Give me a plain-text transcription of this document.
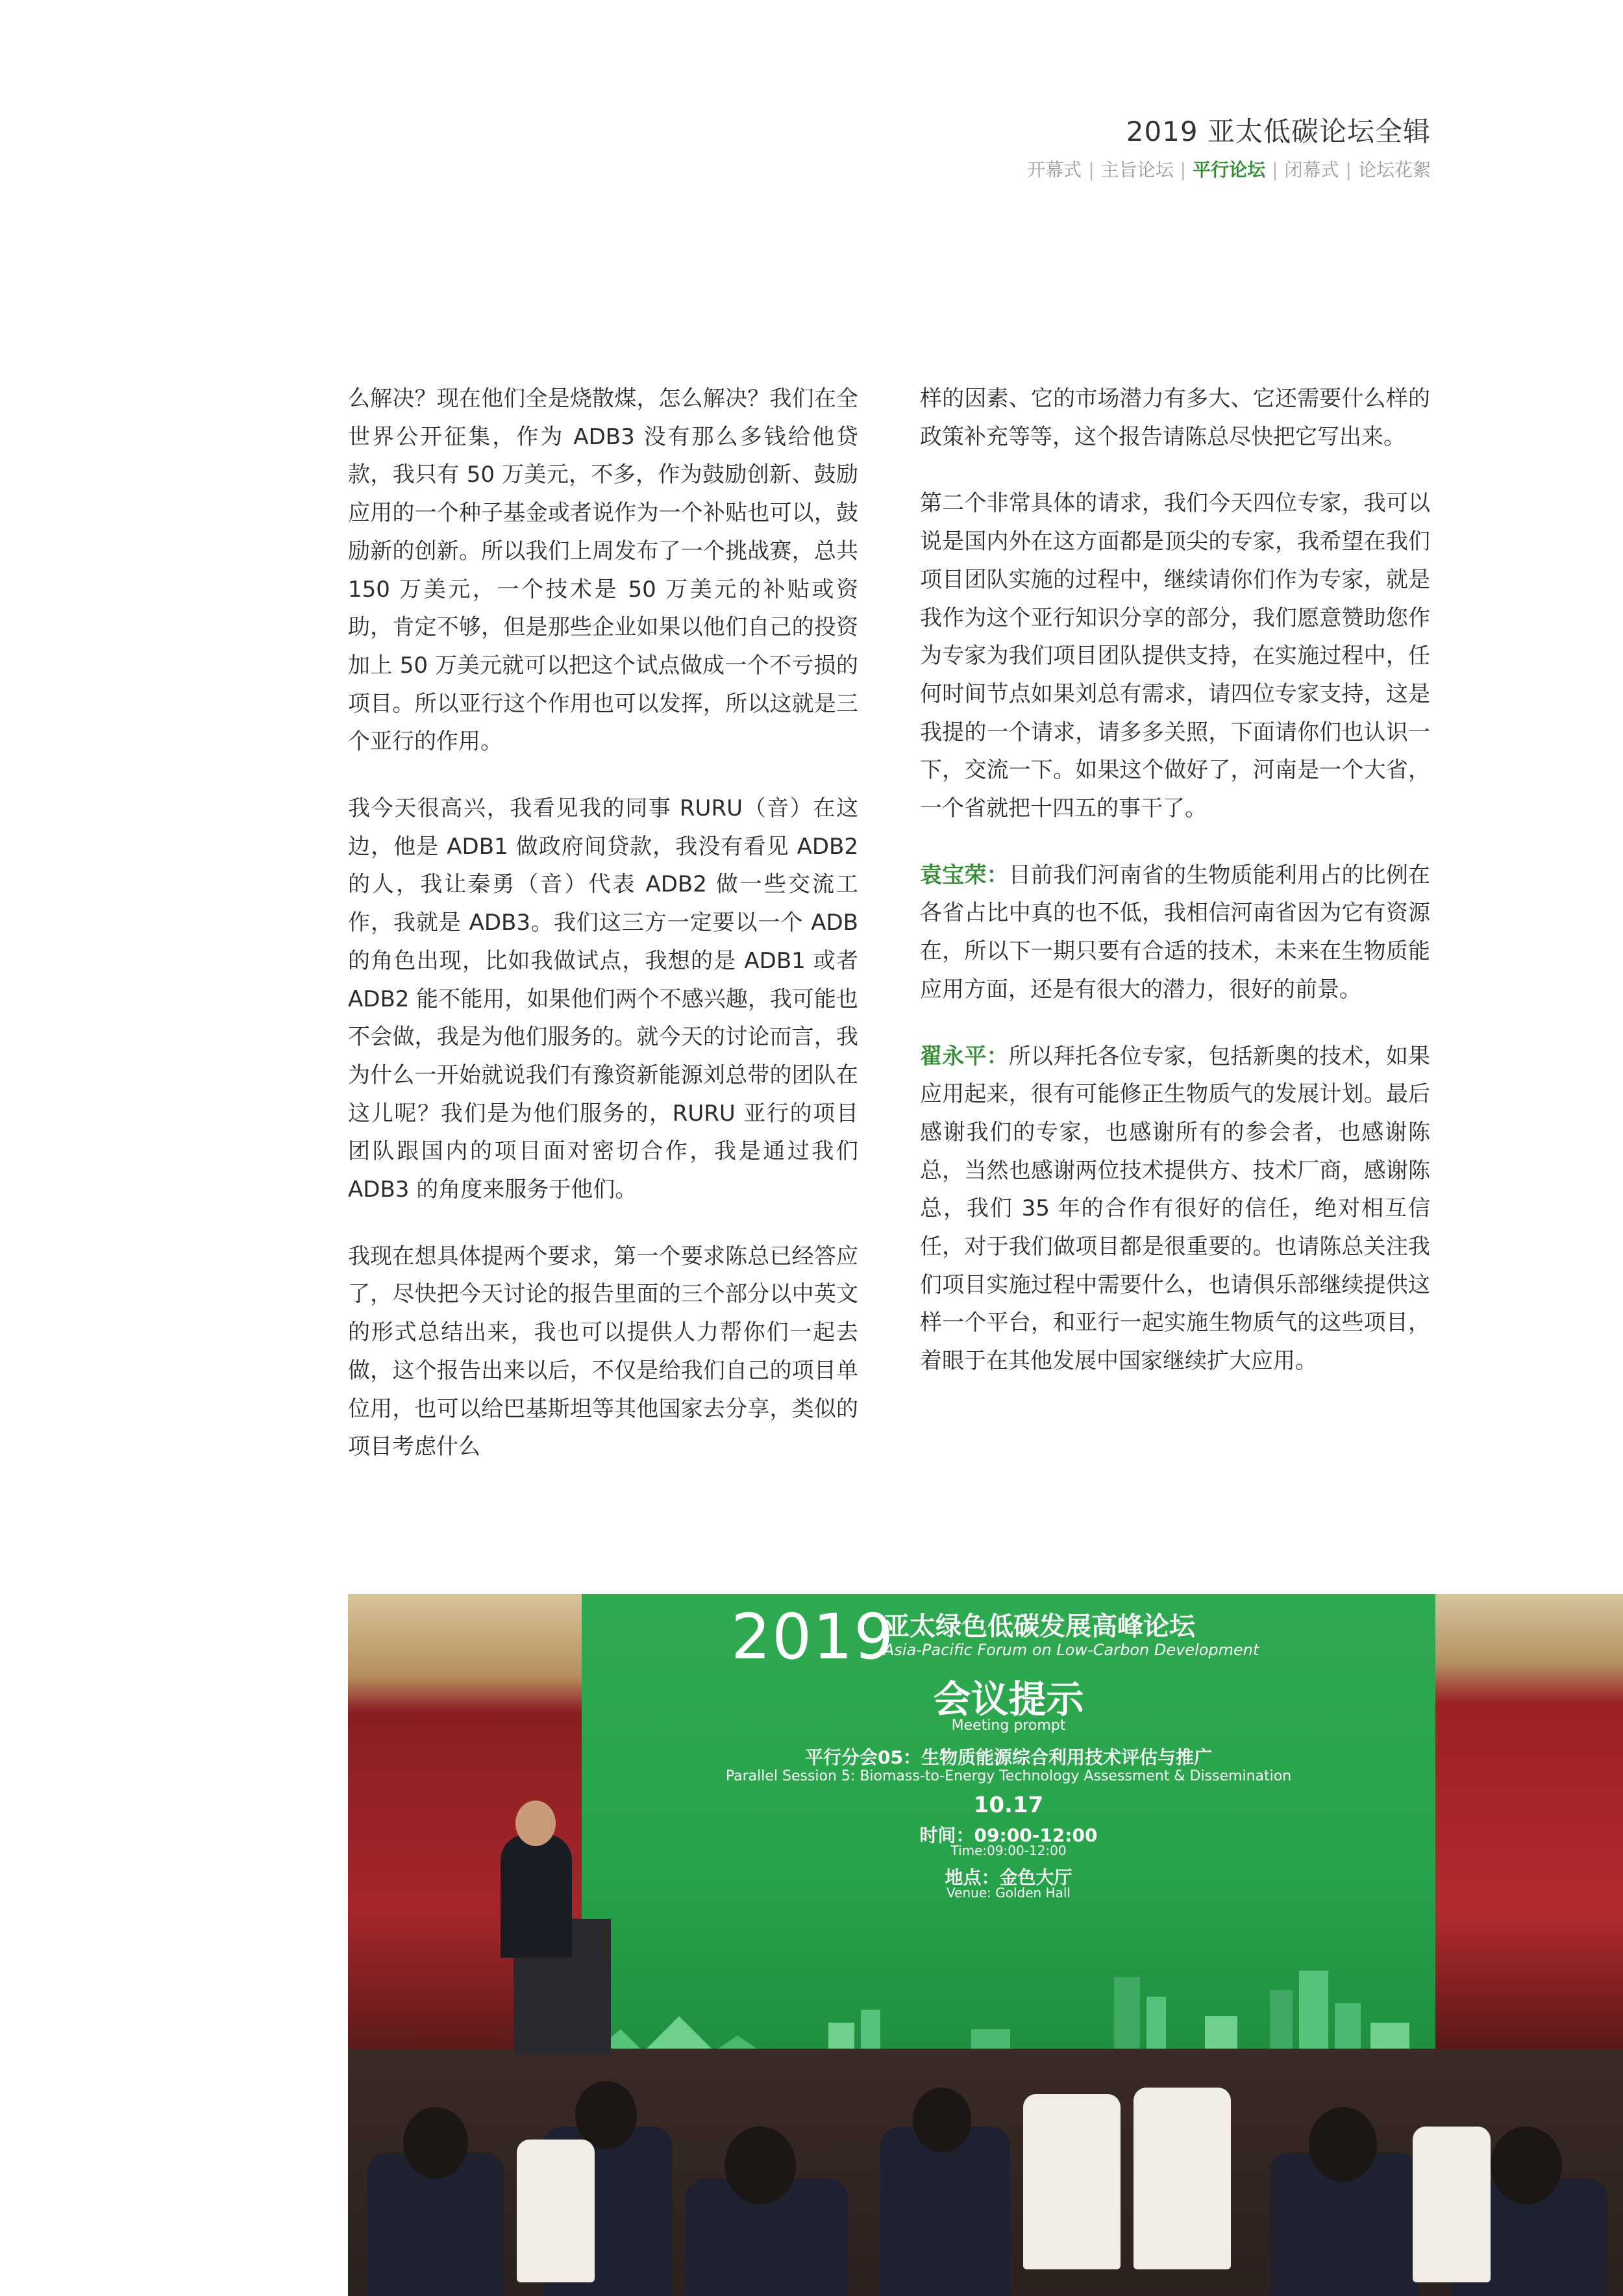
2019 亚太低碳论坛全辑
开幕式 | 主旨论坛 | 平行论坛 | 闭幕式 | 论坛花絮

么解决？现在他们全是烧散煤，怎么解决？我们在全世界公开征集，作为 ADB3 没有那么多钱给他贷款，我只有 50 万美元，不多，作为鼓励创新、鼓励应用的一个种子基金或者说作为一个补贴也可以，鼓励新的创新。所以我们上周发布了一个挑战赛，总共 150 万美元，一个技术是 50 万美元的补贴或资助，肯定不够，但是那些企业如果以他们自己的投资加上 50 万美元就可以把这个试点做成一个不亏损的项目。所以亚行这个作用也可以发挥，所以这就是三个亚行的作用。

我今天很高兴，我看见我的同事 RURU（音）在这边，他是 ADB1 做政府间贷款，我没有看见 ADB2 的人，我让秦勇（音）代表 ADB2 做一些交流工作，我就是 ADB3。我们这三方一定要以一个 ADB 的角色出现，比如我做试点，我想的是 ADB1 或者 ADB2 能不能用，如果他们两个不感兴趣，我可能也不会做，我是为他们服务的。就今天的讨论而言，我为什么一开始就说我们有豫资新能源刘总带的团队在这儿呢？我们是为他们服务的，RURU 亚行的项目团队跟国内的项目面对密切合作，我是通过我们 ADB3 的角度来服务于他们。

我现在想具体提两个要求，第一个要求陈总已经答应了，尽快把今天讨论的报告里面的三个部分以中英文的形式总结出来，我也可以提供人力帮你们一起去做，这个报告出来以后，不仅是给我们自己的项目单位用，也可以给巴基斯坦等其他国家去分享，类似的项目考虑什么

样的因素、它的市场潜力有多大、它还需要什么样的政策补充等等，这个报告请陈总尽快把它写出来。

第二个非常具体的请求，我们今天四位专家，我可以说是国内外在这方面都是顶尖的专家，我希望在我们项目团队实施的过程中，继续请你们作为专家，就是我作为这个亚行知识分享的部分，我们愿意赞助您作为专家为我们项目团队提供支持，在实施过程中，任何时间节点如果刘总有需求，请四位专家支持，这是我提的一个请求，请多多关照，下面请你们也认识一下，交流一下。如果这个做好了，河南是一个大省，一个省就把十四五的事干了。

袁宝荣：目前我们河南省的生物质能利用占的比例在各省占比中真的也不低，我相信河南省因为它有资源在，所以下一期只要有合适的技术，未来在生物质能应用方面，还是有很大的潜力，很好的前景。

翟永平：所以拜托各位专家，包括新奥的技术，如果应用起来，很有可能修正生物质气的发展计划。最后感谢我们的专家，也感谢所有的参会者，也感谢陈总，当然也感谢两位技术提供方、技术厂商，感谢陈总，我们 35 年的合作有很好的信任，绝对相互信任，对于我们做项目都是很重要的。也请陈总关注我们项目实施过程中需要什么，也请俱乐部继续提供这样一个平台，和亚行一起实施生物质气的这些项目，着眼于在其他发展中国家继续扩大应用。

2019
亚太绿色低碳发展高峰论坛
Asia-Pacific Forum on Low-Carbon Development
会议提示
Meeting prompt
平行分会05：生物质能源综合利用技术评估与推广
Parallel Session 5: Biomass-to-Energy Technology Assessment & Dissemination
10.17
时间：09:00-12:00
Time:09:00-12:00
地点：金色大厅
Venue: Golden Hall
